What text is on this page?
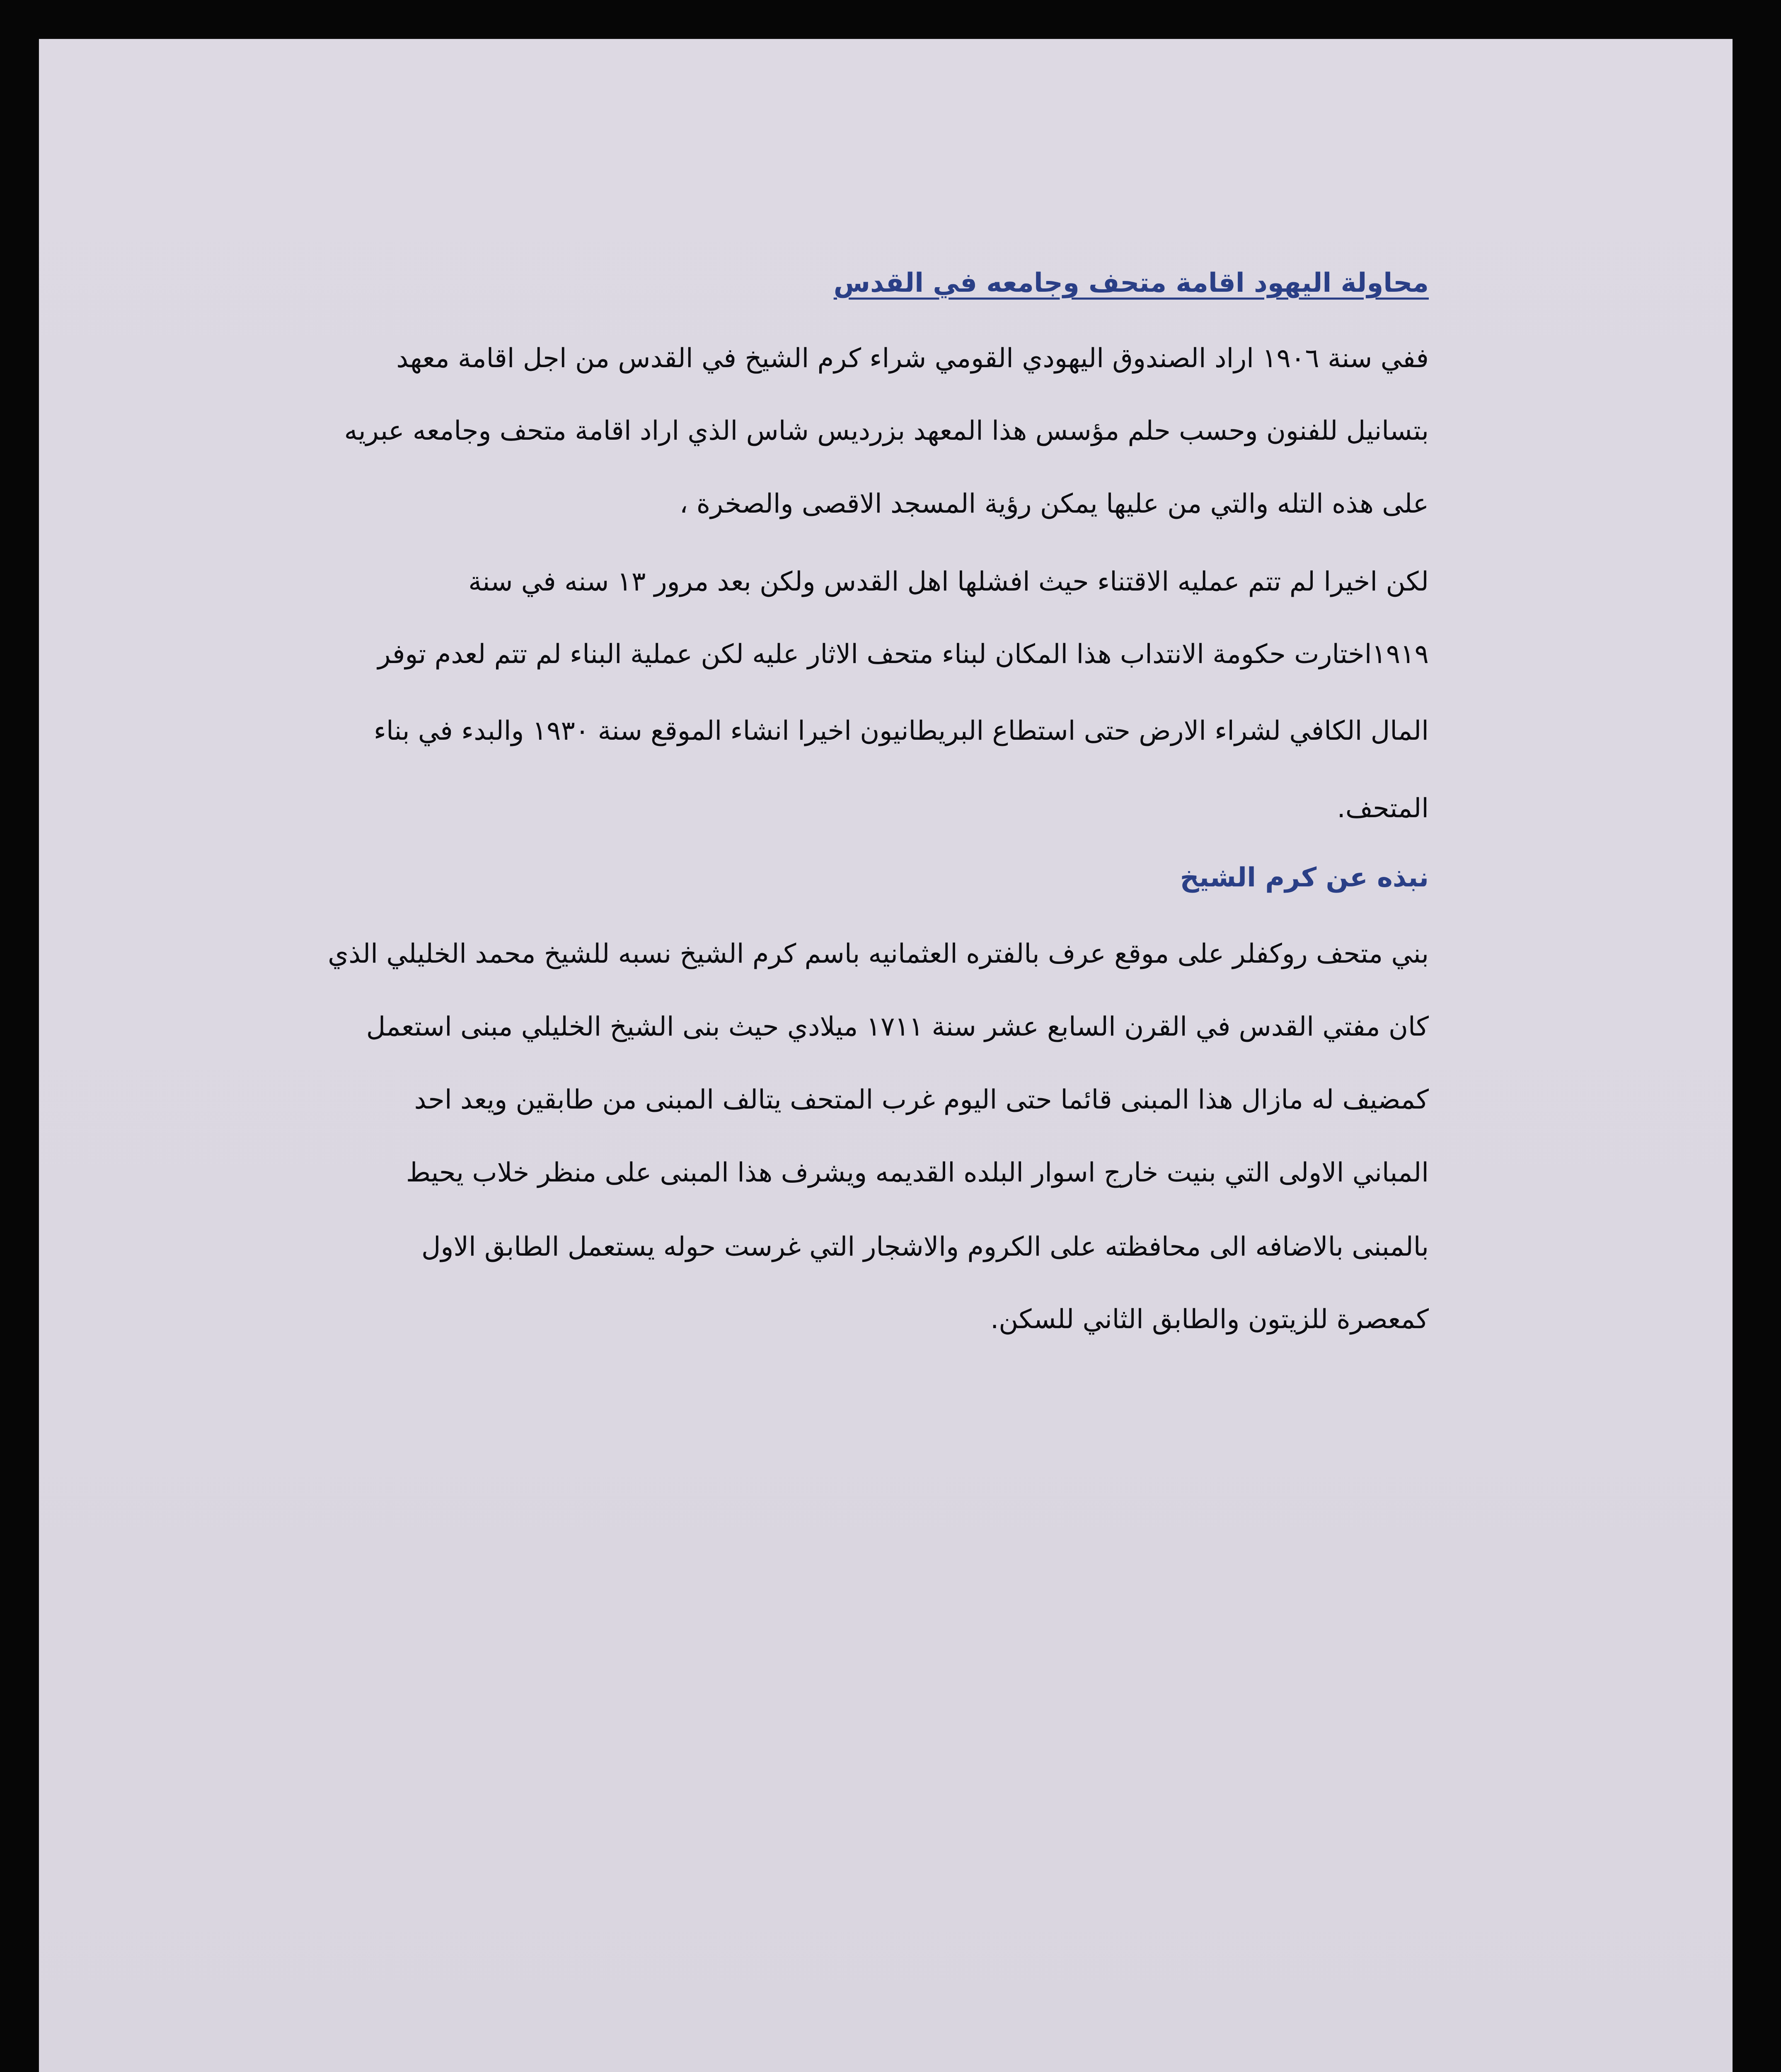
محاولة اليهود اقامة متحف وجامعه في القدس
ففي سنة ١٩٠٦ اراد الصندوق اليهودي القومي شراء كرم الشيخ في القدس من اجل اقامة معهد
بتسانيل للفنون وحسب حلم مؤسس هذا المعهد بزرديس شاس الذي اراد اقامة متحف وجامعه عبريه
على هذه التله والتي من عليها يمكن رؤية المسجد الاقصى والصخرة ،
لكن اخيرا لم تتم عمليه الاقتناء حيث افشلها اهل القدس ولكن بعد مرور ١٣ سنه في سنة
١٩١٩اختارت حكومة الانتداب هذا المكان لبناء متحف الاثار عليه لكن عملية البناء لم تتم لعدم توفر
المال الكافي لشراء الارض حتى استطاع البريطانيون اخيرا انشاء الموقع سنة ١٩٣٠ والبدء في بناء
المتحف.
نبذه عن كرم الشيخ
بني متحف روكفلر على موقع عرف بالفتره العثمانيه باسم كرم الشيخ نسبه للشيخ محمد الخليلي الذي
كان مفتي القدس في القرن السابع عشر سنة ١٧١١ ميلادي حيث بنى الشيخ الخليلي مبنى استعمل
كمضيف له مازال هذا المبنى قائما حتى اليوم غرب المتحف يتالف المبنى من طابقين ويعد احد
المباني الاولى التي بنيت خارج اسوار البلده القديمه ويشرف هذا المبنى على منظر خلاب يحيط
بالمبنى بالاضافه الى محافظته على الكروم والاشجار التي غرست حوله يستعمل الطابق الاول
كمعصرة للزيتون والطابق الثاني للسكن.
